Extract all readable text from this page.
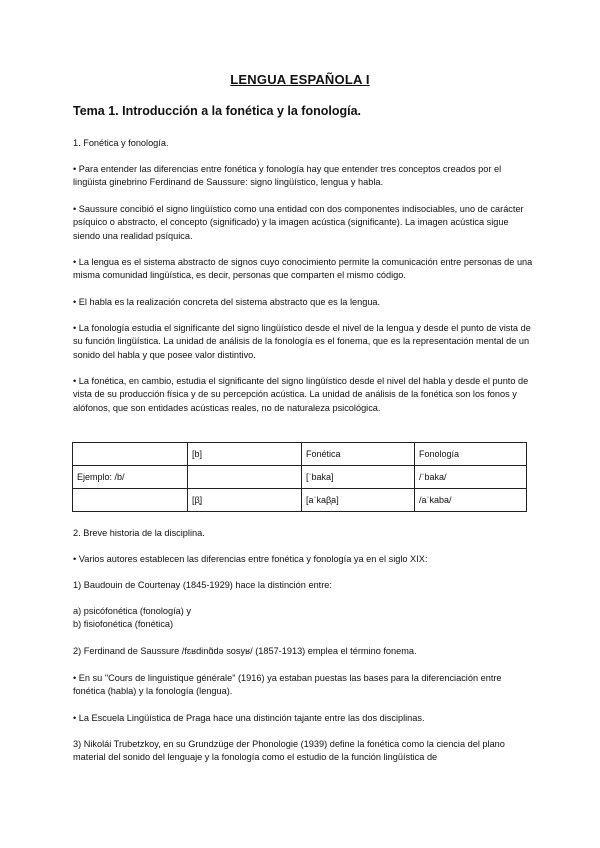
LENGUA ESPAÑOLA I
Tema 1. Introducción a la fonética y la fonología.

1. Fonética y fonología.

• Para entender las diferencias entre fonética y fonología hay que entender tres conceptos creados por el lingüista ginebrino Ferdinand de Saussure: signo lingüístico, lengua y habla.

• Saussure concibió el signo lingüístico como una entidad con dos componentes indisociables, uno de carácter psíquico o abstracto, el concepto (significado) y la imagen acústica (significante). La imagen acústica sigue siendo una realidad psíquica.

• La lengua es el sistema abstracto de signos cuyo conocimiento permite la comunicación entre personas de una misma comunidad lingüística, es decir, personas que comparten el mismo código.

• El habla es la realización concreta del sistema abstracto que es la lengua.

• La fonología estudia el significante del signo lingüístico desde el nivel de la lengua y desde el punto de vista de su función lingüística. La unidad de análisis de la fonología es el fonema, que es la representación mental de un sonido del habla y que posee valor distintivo.

• La fonética, en cambio, estudia el significante del signo lingüístico desde el nivel del habla y desde el punto de vista de su producción física y de su percepción acústica. La unidad de análisis de la fonética son los fonos y alófonos, que son entidades acústicas reales, no de naturaleza psicológica.

	[b]	Fonética	Fonología
Ejemplo: /b/		[ˈbaka]	/ˈbaka/
	[β̞]	[aˈkaβ̞a]	/aˈkaba/

2. Breve historia de la disciplina.

• Varios autores establecen las diferencias entre fonética y fonología ya en el siglo XIX:

1) Baudouin de Courtenay (1845-1929) hace la distinción entre:

a) psicófonética (fonología) y

b) fisiofonética (fonética)

2) Ferdinand de Saussure /fɛʁdinɑ̃də sosyʁ/ (1857-1913) emplea el término fonema.

• En su "Cours de linguistique générale" (1916) ya estaban puestas las bases para la diferenciación entre fonética (habla) y la fonología (lengua).

• La Escuela Lingüística de Praga hace una distinción tajante entre las dos disciplinas.

3) Nikolái Trubetzkoy, en su Grundzüge der Phonologie (1939) define la fonética como la ciencia del plano material del sonido del lenguaje y la fonología como el estudio de la función lingüística de
